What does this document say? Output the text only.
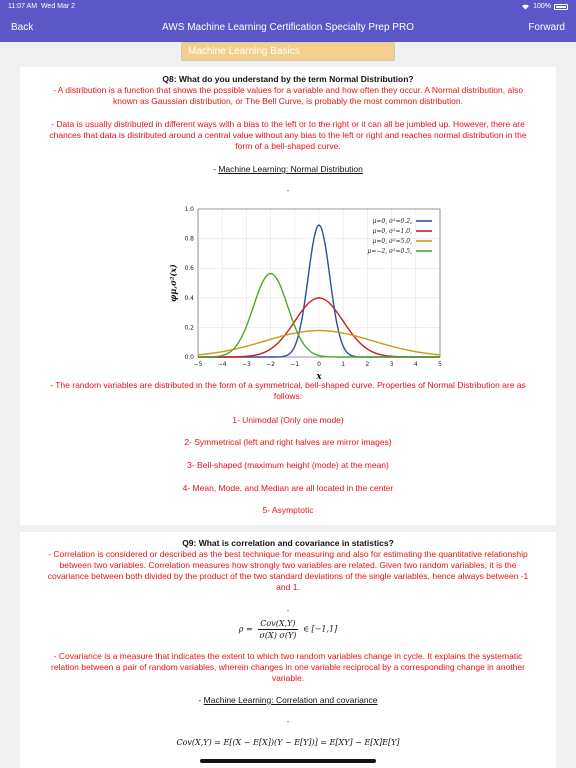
11:07 AM Wed Mar 2	100%
Back	AWS Machine Learning Certification Specialty Prep PRO	Forward
Machine Learning Basics
Q8: What do you understand by the term Normal Distribution?
- A distribution is a function that shows the possible values for a variable and how often they occur. A Normal distribution, also
known as Gaussian distribution, or The Bell Curve, is probably the most common distribution.
- Data is usually distributed in different ways with a bias to the left or to the right or it can all be jumbled up. However, there are
chances that data is distributed around a central value without any bias to the left or right and reaches normal distribution in the
form of a bell-shaped curve.
- Machine Learning: Normal Distribution
-
−5	−4	−3	−2	−1	0	1	2	3	4	5
0.0
0.2
0.4
0.6
0.8
1.0
x
φμ,σ²(x)
μ=0, σ²=0.2,
μ=0, σ²=1.0,
μ=0, σ²=5.0,
μ=−2, σ²=0.5,
- The random variables are distributed in the form of a symmetrical, bell-shaped curve. Properties of Normal Distribution are as
follows:
1- Unimodal (Only one mode)
2- Symmetrical (left and right halves are mirror images)
3- Bell-shaped (maximum height (mode) at the mean)
4- Mean, Mode, and Median are all located in the center
5- Asymptotic
Q9: What is correlation and covariance in statistics?
- Correlation is considered or described as the best technique for measuring and also for estimating the quantitative relationship
between two variables. Correlation measures how strongly two variables are related. Given two random variables, it is the
covariance between both divided by the product of the two standard deviations of the single variables, hence always between -1
and 1.
-
$\rho = \frac{\text{Cov(X,Y)}}{\sigma(X) \sigma(Y)}$ ∈ [−1,1]
- Covariance is a measure that indicates the extent to which two random variables change in cycle. It explains the systematic
relation between a pair of random variables, wherein changes in one variable reciprocal by a corresponding change in another
variable.
- Machine Learning: Correlation and covariance
-
Cov(X,Y) = E[(X − E[X])(Y − E[Y])] = E[XY] − E[X]E[Y]
